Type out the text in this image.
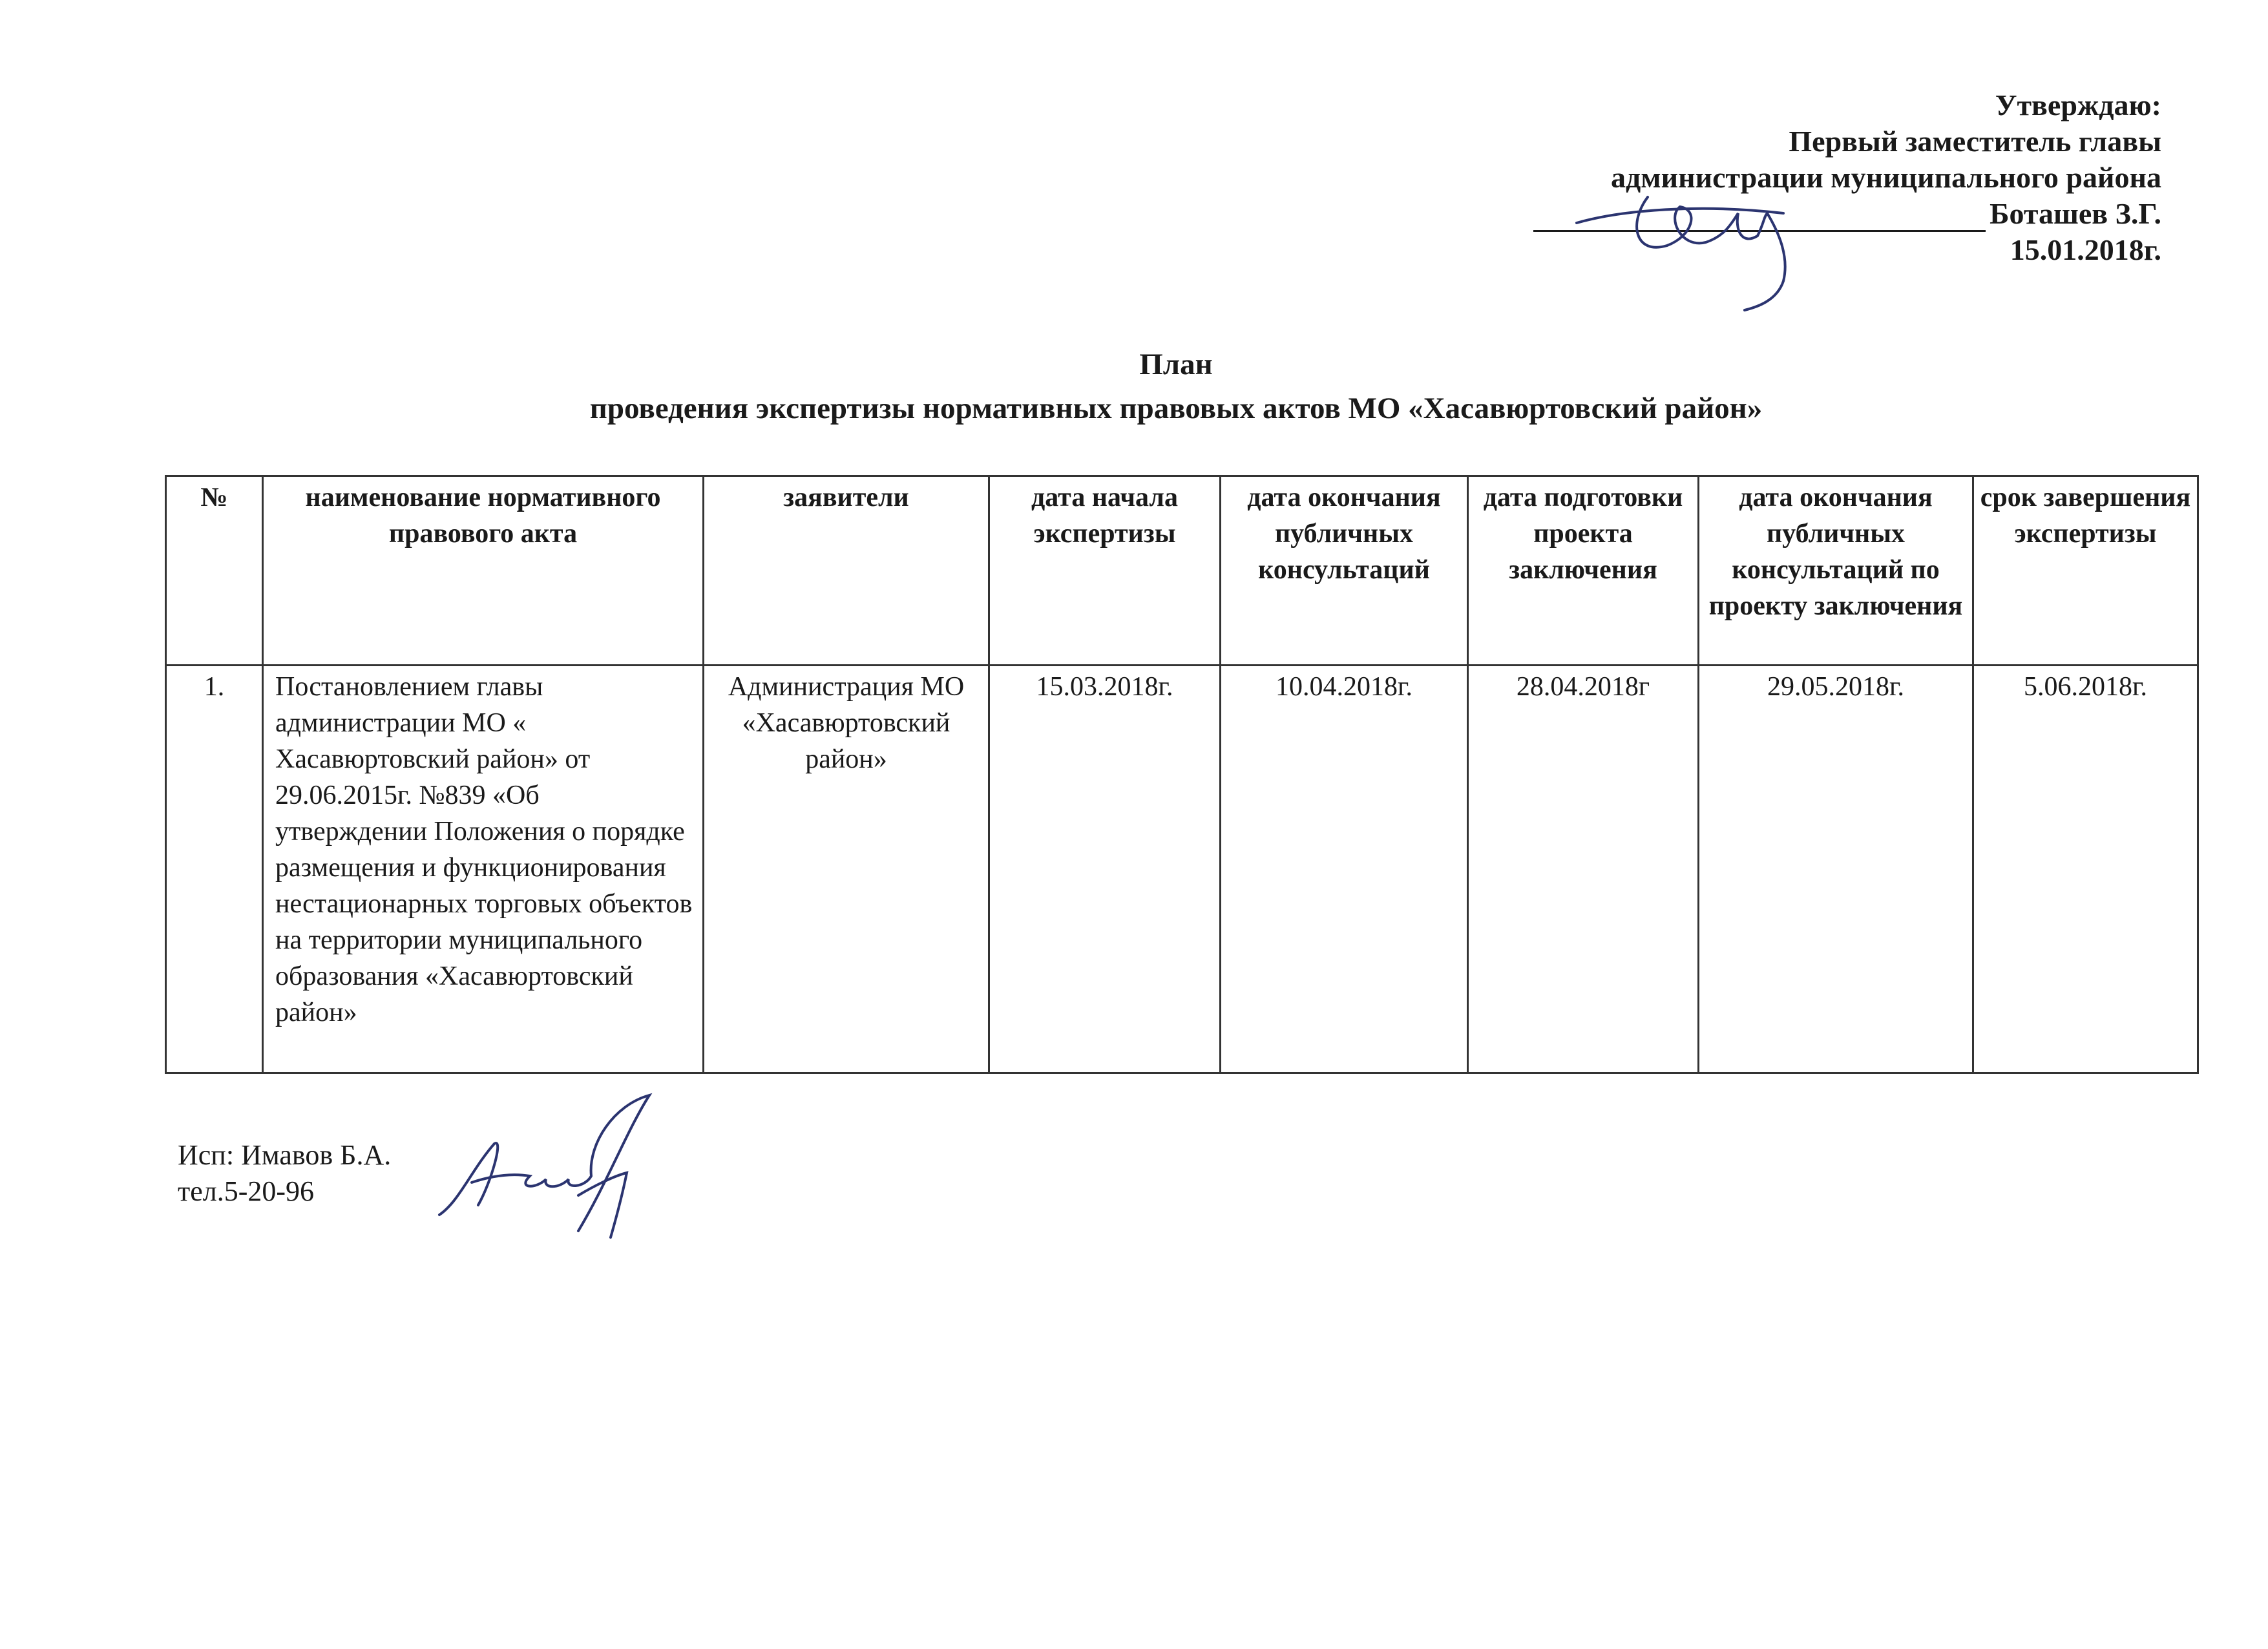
Утверждаю:
Первый заместитель главы
администрации муниципального района
Боташев З.Г.
15.01.2018г.
План
проведения экспертизы нормативных правовых актов МО «Хасавюртовский район»
№	наименование нормативного правового акта	заявители	дата начала экспертизы	дата окончания публичных консультаций	дата подготовки проекта заключения	дата окончания публичных консультаций по проекту заключения	срок завершения экспертизы
1.	Постановлением главы администрации МО « Хасавюртовский район» от 29.06.2015г. №839 «Об утверждении Положения о порядке размещения и функционирования нестационарных торговых объектов на территории муниципального образования «Хасавюртовский район»	Администрация МО «Хасавюртовский район»	15.03.2018г.	10.04.2018г.	28.04.2018г	29.05.2018г.	5.06.2018г.
Исп: Имавов Б.А.
тел.5-20-96
